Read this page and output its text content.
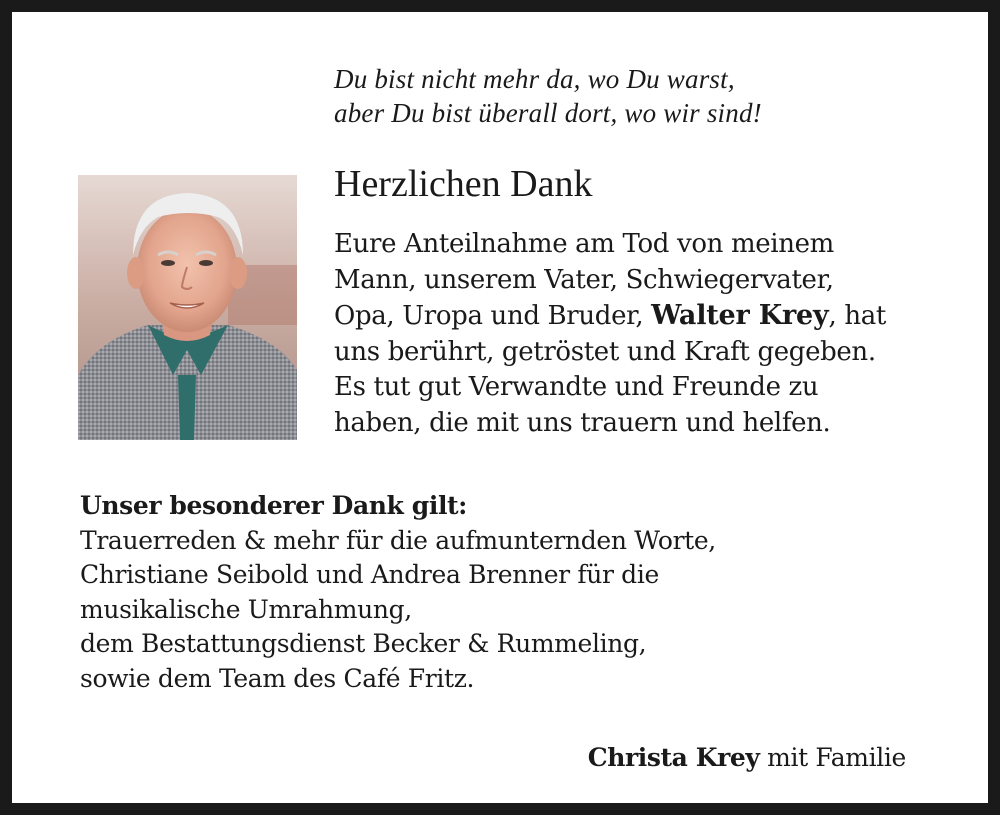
Du bist nicht mehr da, wo Du warst,
aber Du bist überall dort, wo wir sind!
Herzlichen Dank
Eure Anteilnahme am Tod von meinem
Mann, unserem Vater, Schwiegervater,
Opa, Uropa und Bruder, Walter Krey, hat
uns berührt, getröstet und Kraft gegeben.
Es tut gut Verwandte und Freunde zu
haben, die mit uns trauern und helfen.
Unser besonderer Dank gilt:
Trauerreden & mehr für die aufmunternden Worte,
Christiane Seibold und Andrea Brenner für die
musikalische Umrahmung,
dem Bestattungsdienst Becker & Rummeling,
sowie dem Team des Café Fritz.
Christa Krey mit Familie
